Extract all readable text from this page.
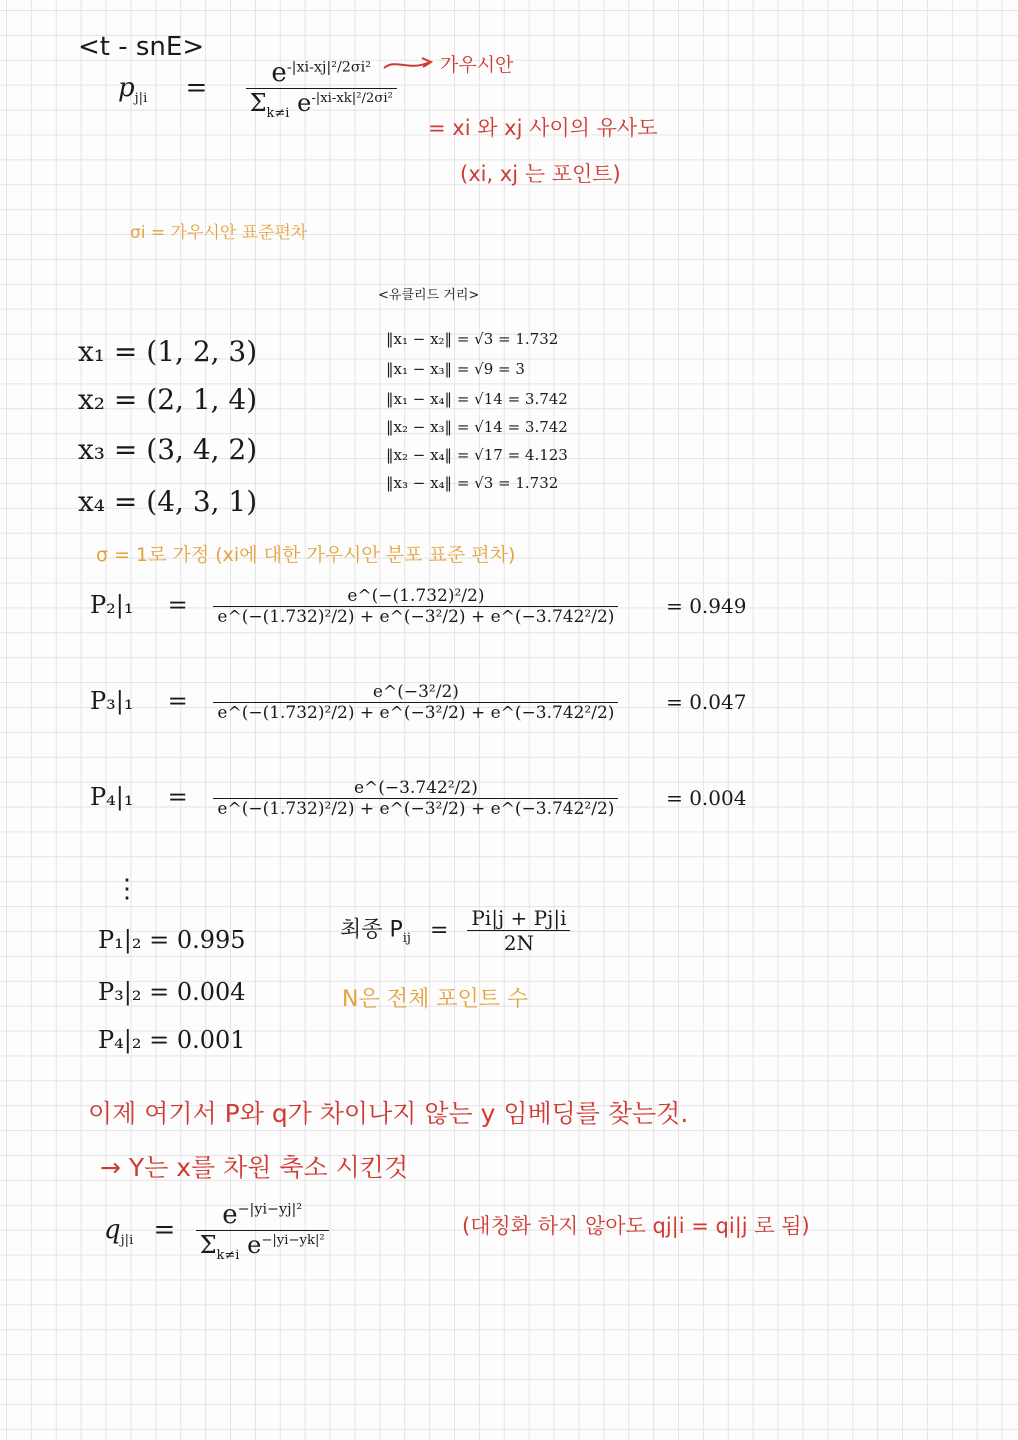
<t - snE>
$p_{j|i} = \frac{e^{-|xi-xj|^2/2\sigma i^2}}{\Sigma_{k\ne i} e^{-|xi-xk|^2/2\sigma i^2}}$ 가우시안
= xi 와 xj 사이의 유사도
(xi, xj 는 포인트)
σi = 가우시안 표준편차
<유클리드 거리>
x₁ = (1, 2, 3)
x₂ = (2, 1, 4)
x₃ = (3, 4, 2)
x₄ = (4, 3, 1)
‖x₁ − x₂‖ = √3 = 1.732
‖x₁ − x₃‖ = √9 = 3
‖x₁ − x₄‖ = √14 = 3.742
‖x₂ − x₃‖ = √14 = 3.742
‖x₂ − x₄‖ = √17 = 4.123
‖x₃ − x₄‖ = √3 = 1.732
σ = 1로 가정 (xi에 대한 가우시안 분포 표준 편차)
$P_2|_1 = \frac{\text{e\textasciicircum{}(−(1.732)²/2)}}{\text{e\textasciicircum{}(−(1.732)²/2) + e\textasciicircum{}(−3²/2) + e\textasciicircum{}(−3.742²/2)}} = 0.949$
$P_3|_1 = \frac{\text{e\textasciicircum{}(−3²/2)}}{\text{e\textasciicircum{}(−(1.732)²/2) + e\textasciicircum{}(−3²/2) + e\textasciicircum{}(−3.742²/2)}} = 0.047$
$P_4|_1 = \frac{\text{e\textasciicircum{}(−3.742²/2)}}{\text{e\textasciicircum{}(−(1.732)²/2) + e\textasciicircum{}(−3²/2) + e\textasciicircum{}(−3.742²/2)}} = 0.004$
⋮
P₁|₂ = 0.995
P₃|₂ = 0.004
P₄|₂ = 0.001
최종 $P_{ij} = \frac{Pi|j + Pj|i}{2N}$
N은 전체 포인트 수
이제 여기서 P와 q가 차이나지 않는 y 임베딩를 찾는것.
→ Y는 x를 차원 축소 시킨것
$q_{j|i} = \frac{e^{-|yi-yj|^2}}{\Sigma_{k\ne i} e^{-|yi-yk|^2}}$	(대칭화 하지 않아도 qj|i = qi|j 로 됨)
